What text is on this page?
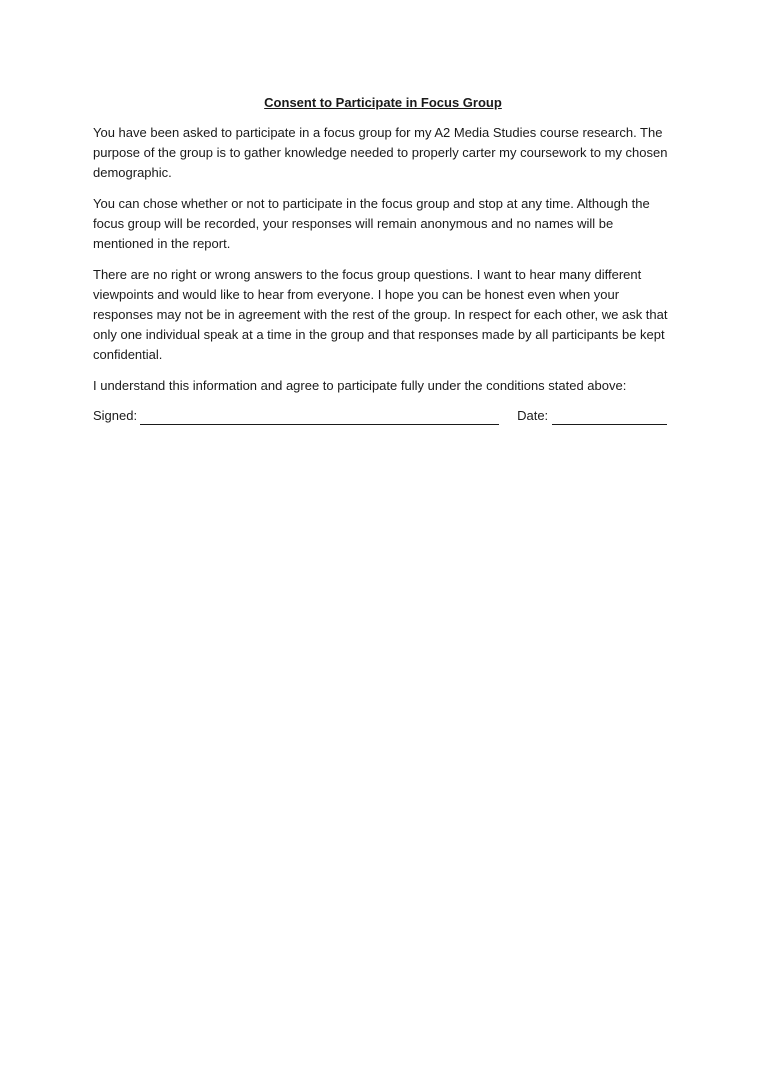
Consent to Participate in Focus Group

You have been asked to participate in a focus group for my A2 Media Studies course research. The purpose of the group is to gather knowledge needed to properly carter my coursework to my chosen demographic.

You can chose whether or not to participate in the focus group and stop at any time. Although the focus group will be recorded, your responses will remain anonymous and no names will be mentioned in the report.

There are no right or wrong answers to the focus group questions. I want to hear many different viewpoints and would like to hear from everyone. I hope you can be honest even when your responses may not be in agreement with the rest of the group. In respect for each other, we ask that only one individual speak at a time in the group and that responses made by all participants be kept confidential.

I understand this information and agree to participate fully under the conditions stated above:

Signed:	Date:
